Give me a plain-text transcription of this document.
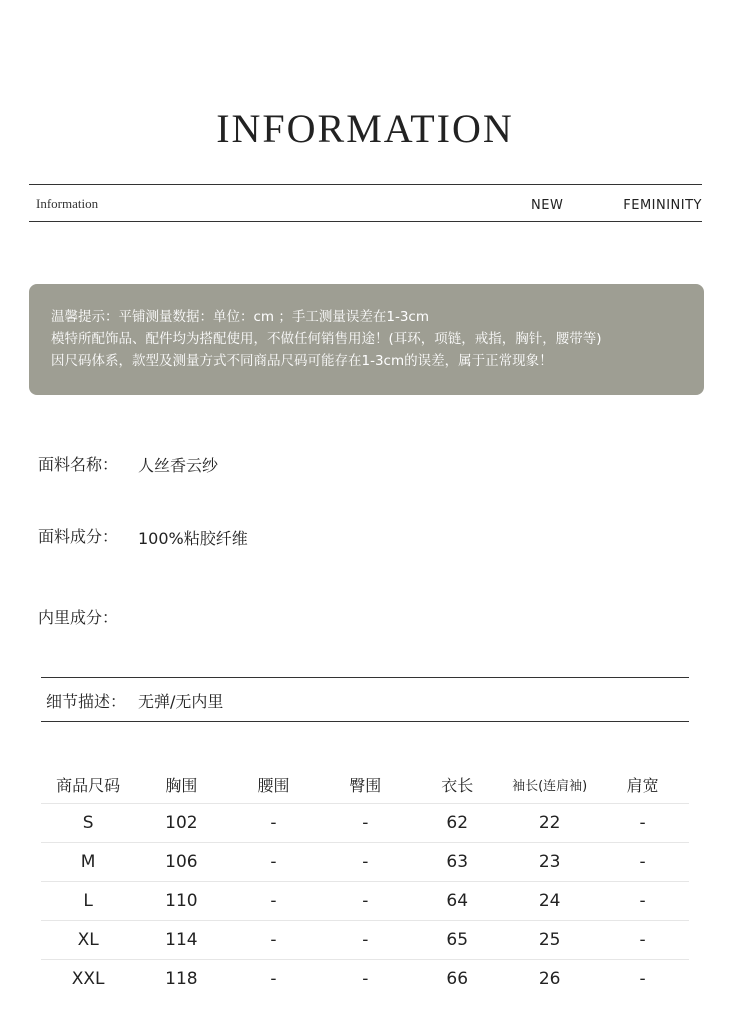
INFORMATION
Information	NEW	FEMININITY
温馨提示：平铺测量数据：单位：cm ；手工测量误差在1-3cm
模特所配饰品、配件均为搭配使用，不做任何销售用途！(耳环，项链，戒指，胸针，腰带等)
因尺码体系，款型及测量方式不同商品尺码可能存在1-3cm的误差，属于正常现象！
面料名称： 人丝香云纱
面料成分： 100%粘胶纤维
内里成分：
细节描述： 无弹/无内里
商品尺码	胸围	腰围	臀围	衣长	袖长(连肩袖)	肩宽
S	102	-	-	62	22	-
M	106	-	-	63	23	-
L	110	-	-	64	24	-
XL	114	-	-	65	25	-
XXL	118	-	-	66	26	-
